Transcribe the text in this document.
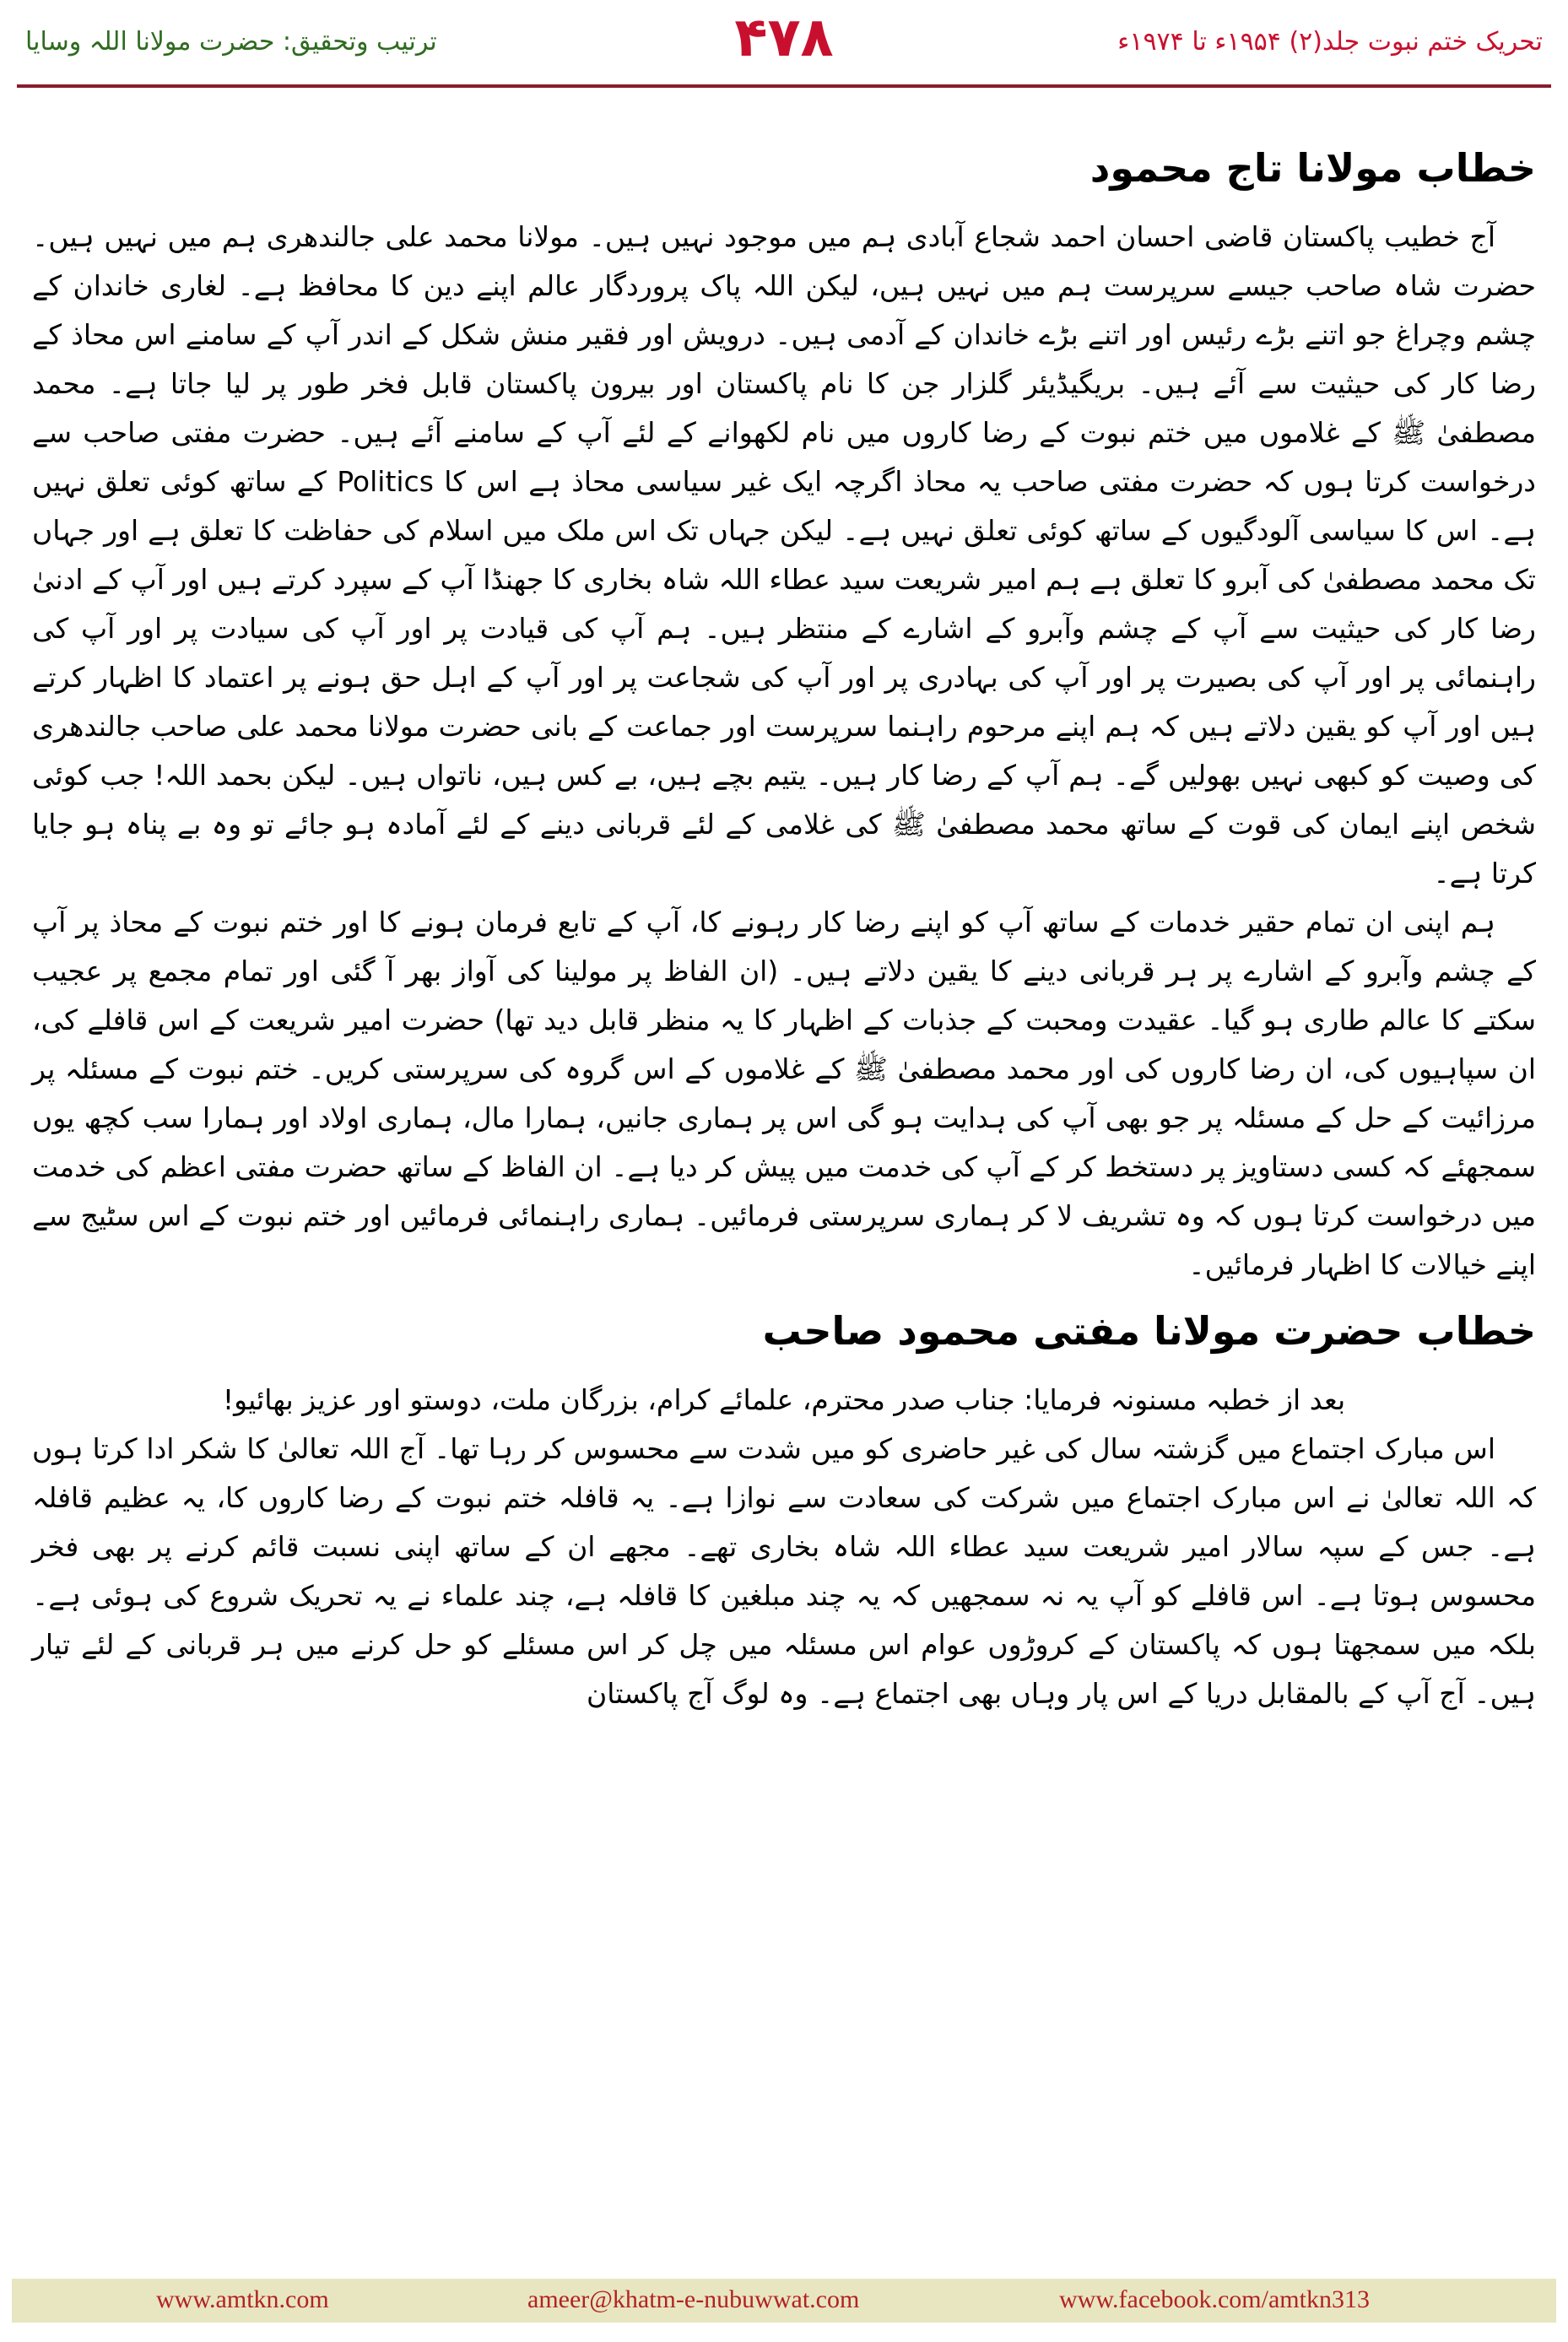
ترتیب وتحقیق: حضرت مولانا اللہ وسایا	۴۷۸	تحریک ختم نبوت جلد(۲) ۱۹۵۴ء تا ۱۹۷۴ء
خطاب مولانا تاج محمود

آج خطیب پاکستان قاضی احسان احمد شجاع آبادی ہم میں موجود نہیں ہیں۔ مولانا محمد علی جالندھری ہم میں نہیں ہیں۔ حضرت شاہ صاحب جیسے سرپرست ہم میں نہیں ہیں، لیکن اللہ پاک پروردگار عالم اپنے دین کا محافظ ہے۔ لغاری خاندان کے چشم وچراغ جو اتنے بڑے رئیس اور اتنے بڑے خاندان کے آدمی ہیں۔ درویش اور فقیر منش شکل کے اندر آپ کے سامنے اس محاذ کے رضا کار کی حیثیت سے آئے ہیں۔ بریگیڈیئر گلزار جن کا نام پاکستان اور بیرون پاکستان قابل فخر طور پر لیا جاتا ہے۔ محمد مصطفیٰ ﷺ کے غلاموں میں ختم نبوت کے رضا کاروں میں نام لکھوانے کے لئے آپ کے سامنے آئے ہیں۔ حضرت مفتی صاحب سے درخواست کرتا ہوں کہ حضرت مفتی صاحب یہ محاذ اگرچہ ایک غیر سیاسی محاذ ہے اس کا Politics کے ساتھ کوئی تعلق نہیں ہے۔ اس کا سیاسی آلودگیوں کے ساتھ کوئی تعلق نہیں ہے۔ لیکن جہاں تک اس ملک میں اسلام کی حفاظت کا تعلق ہے اور جہاں تک محمد مصطفیٰ کی آبرو کا تعلق ہے ہم امیر شریعت سید عطاء اللہ شاہ بخاری کا جھنڈا آپ کے سپرد کرتے ہیں اور آپ کے ادنیٰ رضا کار کی حیثیت سے آپ کے چشم وآبرو کے اشارے کے منتظر ہیں۔ ہم آپ کی قیادت پر اور آپ کی سیادت پر اور آپ کی راہنمائی پر اور آپ کی بصیرت پر اور آپ کی بہادری پر اور آپ کی شجاعت پر اور آپ کے اہل حق ہونے پر اعتماد کا اظہار کرتے ہیں اور آپ کو یقین دلاتے ہیں کہ ہم اپنے مرحوم راہنما سرپرست اور جماعت کے بانی حضرت مولانا محمد علی صاحب جالندھری کی وصیت کو کبھی نہیں بھولیں گے۔ ہم آپ کے رضا کار ہیں۔ یتیم بچے ہیں، بے کس ہیں، ناتواں ہیں۔ لیکن بحمد اللہ! جب کوئی شخص اپنے ایمان کی قوت کے ساتھ محمد مصطفیٰ ﷺ کی غلامی کے لئے قربانی دینے کے لئے آمادہ ہو جائے تو وہ بے پناہ ہو جایا کرتا ہے۔

ہم اپنی ان تمام حقیر خدمات کے ساتھ آپ کو اپنے رضا کار رہونے کا، آپ کے تابع فرمان ہونے کا اور ختم نبوت کے محاذ پر آپ کے چشم وآبرو کے اشارے پر ہر قربانی دینے کا یقین دلاتے ہیں۔ (ان الفاظ پر مولینا کی آواز بھر آ گئی اور تمام مجمع پر عجیب سکتے کا عالم طاری ہو گیا۔ عقیدت ومحبت کے جذبات کے اظہار کا یہ منظر قابل دید تھا) حضرت امیر شریعت کے اس قافلے کی، ان سپاہیوں کی، ان رضا کاروں کی اور محمد مصطفیٰ ﷺ کے غلاموں کے اس گروہ کی سرپرستی کریں۔ ختم نبوت کے مسئلہ پر مرزائیت کے حل کے مسئلہ پر جو بھی آپ کی ہدایت ہو گی اس پر ہماری جانیں، ہمارا مال، ہماری اولاد اور ہمارا سب کچھ یوں سمجھئے کہ کسی دستاویز پر دستخط کر کے آپ کی خدمت میں پیش کر دیا ہے۔ ان الفاظ کے ساتھ حضرت مفتی اعظم کی خدمت میں درخواست کرتا ہوں کہ وہ تشریف لا کر ہماری سرپرستی فرمائیں۔ ہماری راہنمائی فرمائیں اور ختم نبوت کے اس سٹیج سے اپنے خیالات کا اظہار فرمائیں۔

خطاب حضرت مولانا مفتی محمود صاحب

بعد از خطبہ مسنونہ فرمایا: جناب صدر محترم، علمائے کرام، بزرگان ملت، دوستو اور عزیز بھائیو!

اس مبارک اجتماع میں گزشتہ سال کی غیر حاضری کو میں شدت سے محسوس کر رہا تھا۔ آج اللہ تعالیٰ کا شکر ادا کرتا ہوں کہ اللہ تعالیٰ نے اس مبارک اجتماع میں شرکت کی سعادت سے نوازا ہے۔ یہ قافلہ ختم نبوت کے رضا کاروں کا، یہ عظیم قافلہ ہے۔ جس کے سپہ سالار امیر شریعت سید عطاء اللہ شاہ بخاری تھے۔ مجھے ان کے ساتھ اپنی نسبت قائم کرنے پر بھی فخر محسوس ہوتا ہے۔ اس قافلے کو آپ یہ نہ سمجھیں کہ یہ چند مبلغین کا قافلہ ہے، چند علماء نے یہ تحریک شروع کی ہوئی ہے۔ بلکہ میں سمجھتا ہوں کہ پاکستان کے کروڑوں عوام اس مسئلہ میں چل کر اس مسئلے کو حل کرنے میں ہر قربانی کے لئے تیار ہیں۔ آج آپ کے بالمقابل دریا کے اس پار وہاں بھی اجتماع ہے۔ وہ لوگ آج پاکستان

www.amtkn.com	ameer@khatm-e-nubuwwat.com	www.facebook.com/amtkn313
